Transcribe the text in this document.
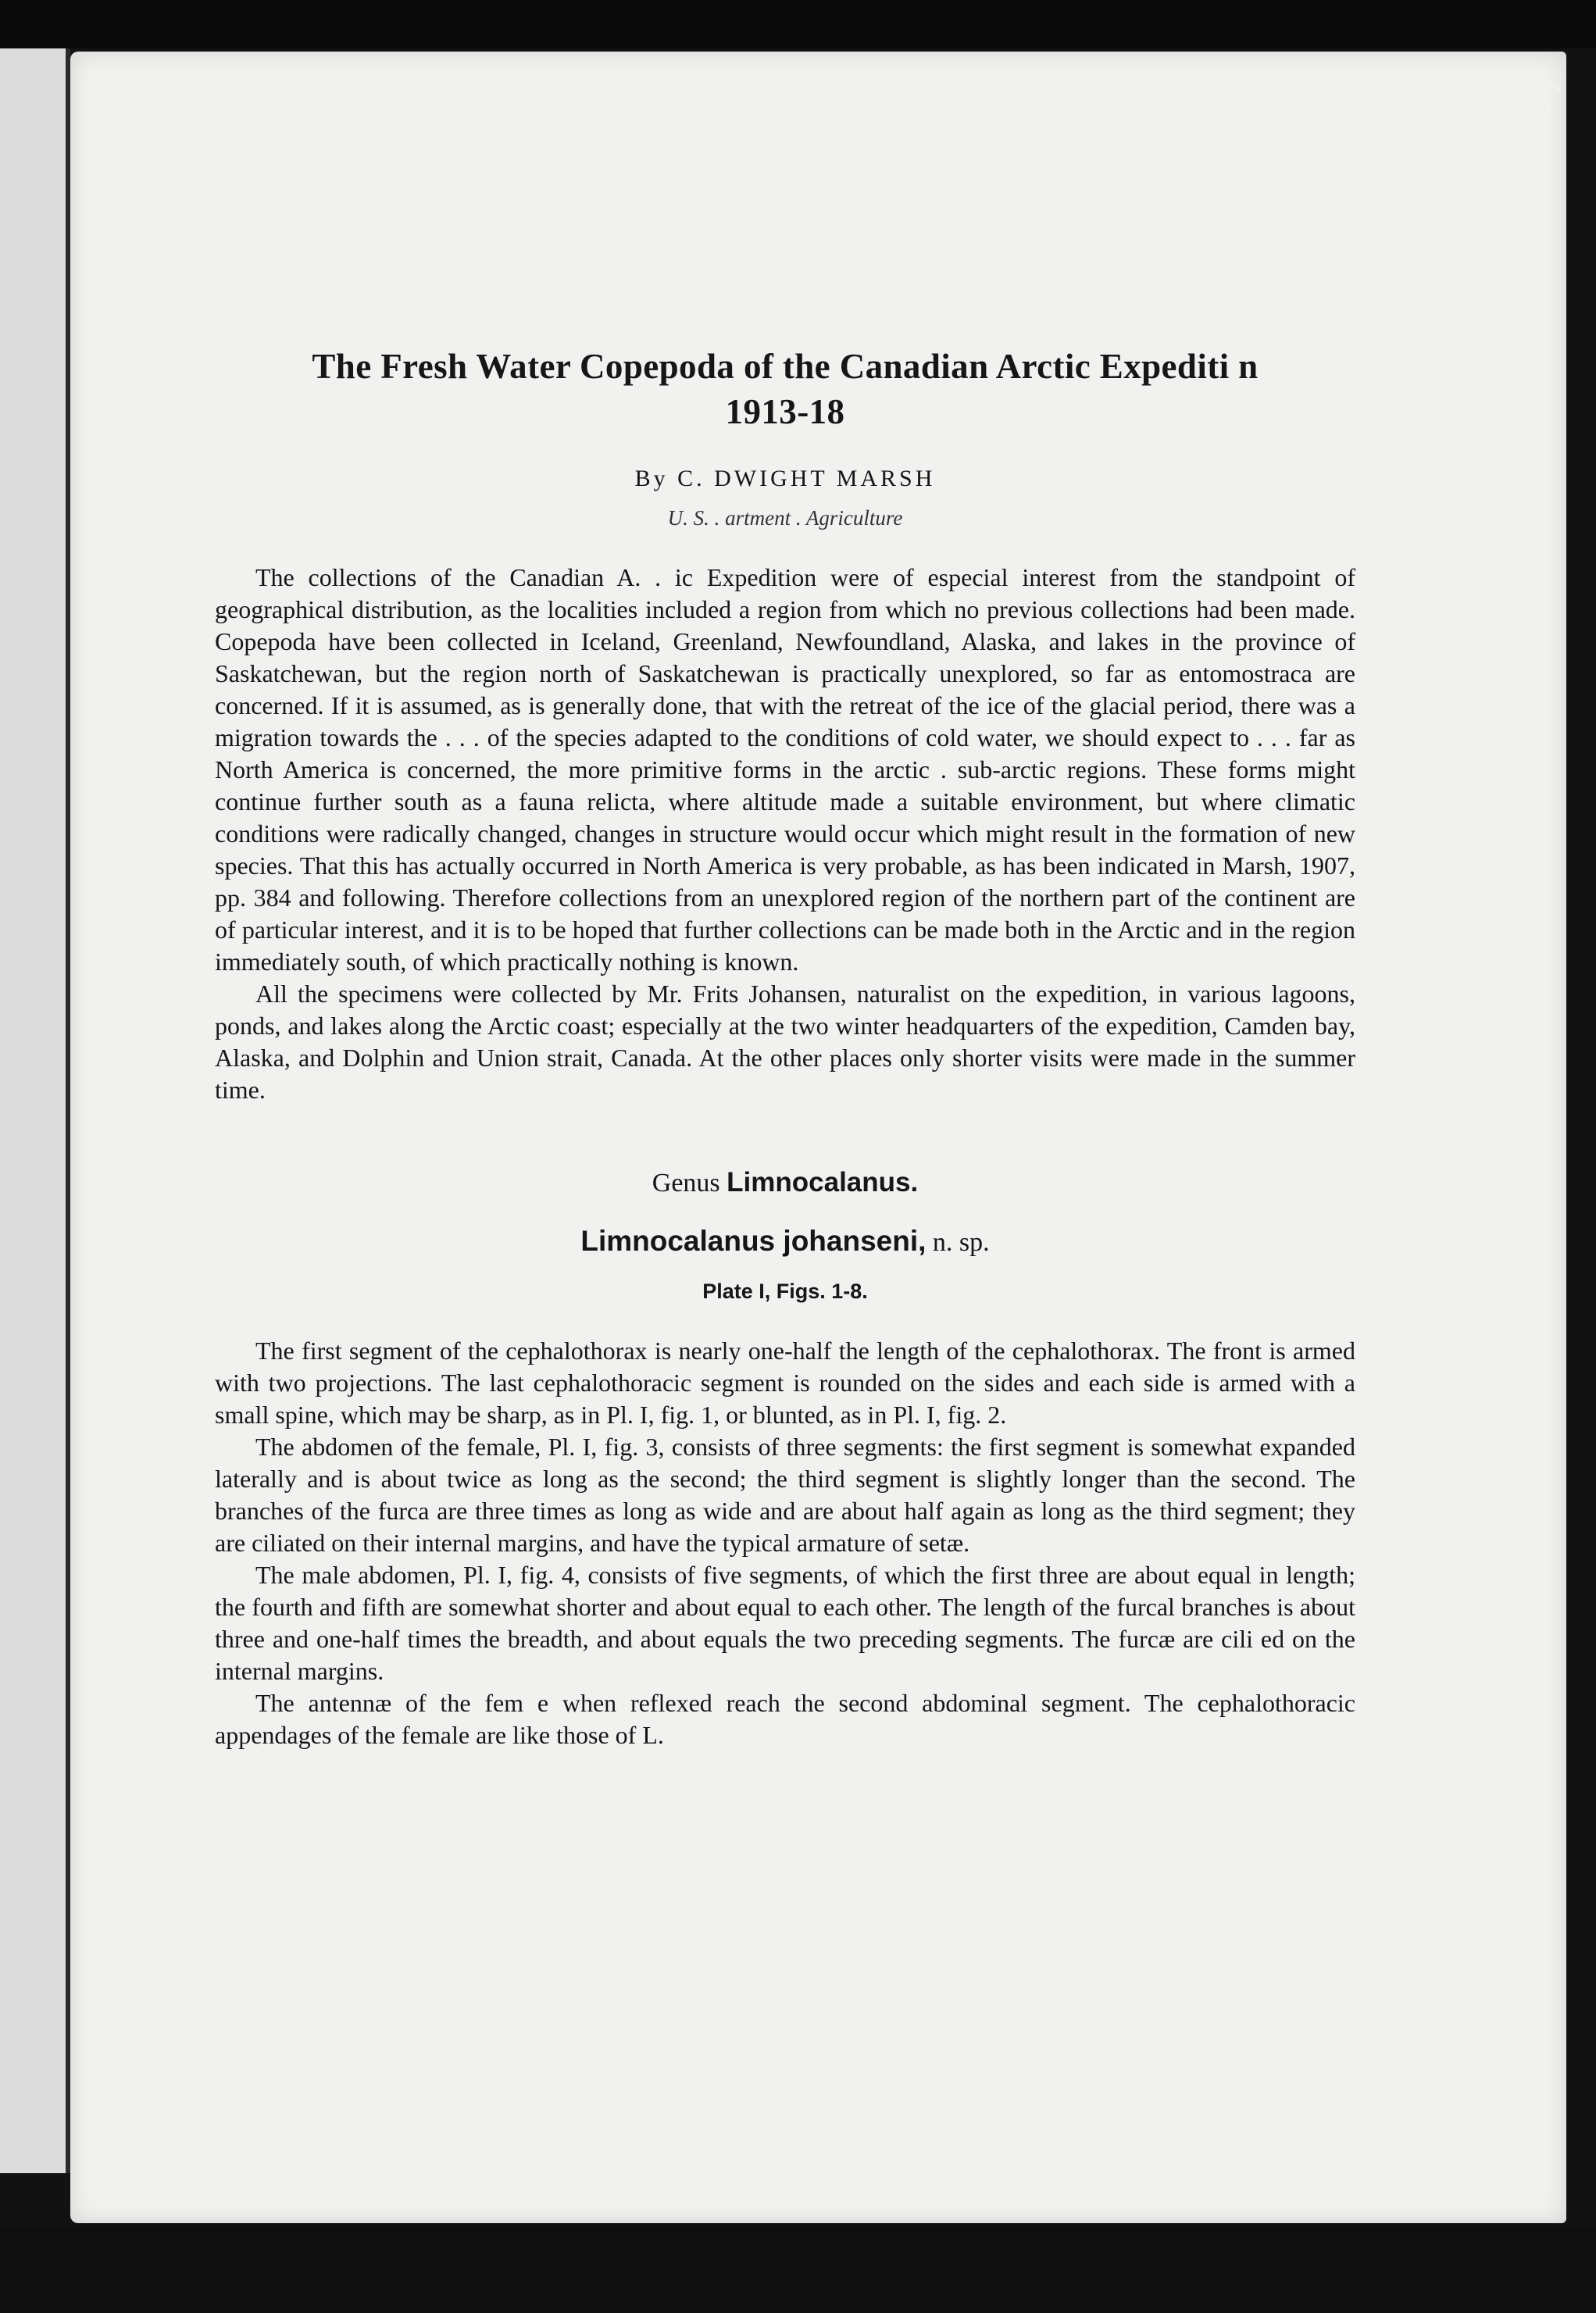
ʕ
The Fresh Water Copepoda of the Canadian Arctic Expediti n
1913-18
By C. DWIGHT MARSH
U. S. . artment . Agriculture

The collections of the Canadian A. . ic Expedition were of especial interest from the standpoint of geographical distribution, as the localities included a region from which no previous collections had been made. Copepoda have been collected in Iceland, Greenland, Newfoundland, Alaska, and lakes in the province of Saskatchewan, but the region north of Saskatchewan is practically unexplored, so far as entomostraca are concerned. If it is assumed, as is generally done, that with the retreat of the ice of the glacial period, there was a migration towards the . . . of the species adapted to the conditions of cold water, we should expect to . . . far as North America is concerned, the more primitive forms in the arctic . sub-arctic regions. These forms might continue further south as a fauna relicta, where altitude made a suitable environment, but where climatic conditions were radically changed, changes in structure would occur which might result in the formation of new species. That this has actually occurred in North America is very probable, as has been indicated in Marsh, 1907, pp. 384 and following. Therefore collections from an unexplored region of the northern part of the continent are of particular interest, and it is to be hoped that further collections can be made both in the Arctic and in the region immediately south, of which practically nothing is known.

All the specimens were collected by Mr. Frits Johansen, naturalist on the expedition, in various lagoons, ponds, and lakes along the Arctic coast; especially at the two winter headquarters of the expedition, Camden bay, Alaska, and Dolphin and Union strait, Canada. At the other places only shorter visits were made in the summer time.

Genus Limnocalanus.
Limnocalanus johanseni, n. sp.
Plate I, Figs. 1-8.

The first segment of the cephalothorax is nearly one-half the length of the cephalothorax. The front is armed with two projections. The last cephalothoracic segment is rounded on the sides and each side is armed with a small spine, which may be sharp, as in Pl. I, fig. 1, or blunted, as in Pl. I, fig. 2.

The abdomen of the female, Pl. I, fig. 3, consists of three segments: the first segment is somewhat expanded laterally and is about twice as long as the second; the third segment is slightly longer than the second. The branches of the furca are three times as long as wide and are about half again as long as the third segment; they are ciliated on their internal margins, and have the typical armature of setæ.

The male abdomen, Pl. I, fig. 4, consists of five segments, of which the first three are about equal in length; the fourth and fifth are somewhat shorter and about equal to each other. The length of the furcal branches is about three and one-half times the breadth, and about equals the two preceding segments. The furcæ are cili ed on the internal margins.

The antennæ of the fem e when reflexed reach the second abdominal segment. The cephalothoracic appendages of the female are like those of L.
